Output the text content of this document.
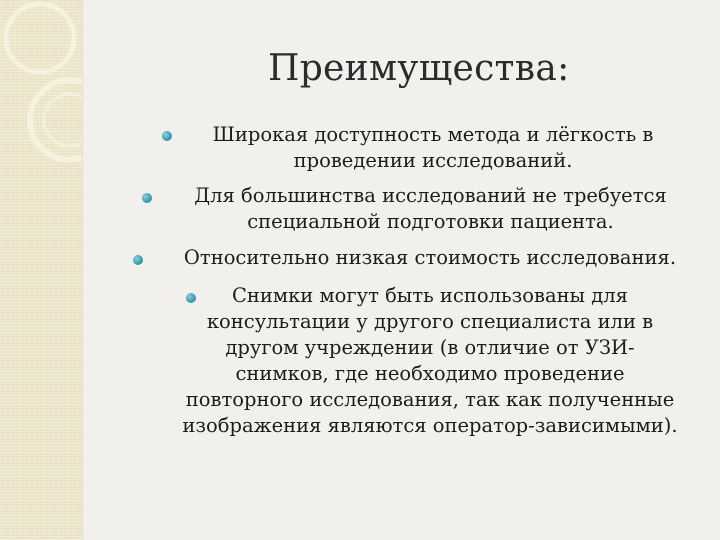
Преимущества:
Широкая доступность метода и лёгкость в
проведении исследований.
Для большинства исследований не требуется
специальной подготовки пациента.
Относительно низкая стоимость исследования.
Снимки могут быть использованы для
консультации у другого специалиста или в
другом учреждении (в отличие от УЗИ-
снимков, где необходимо проведение
повторного исследования, так как полученные
изображения являются оператор-зависимыми).
